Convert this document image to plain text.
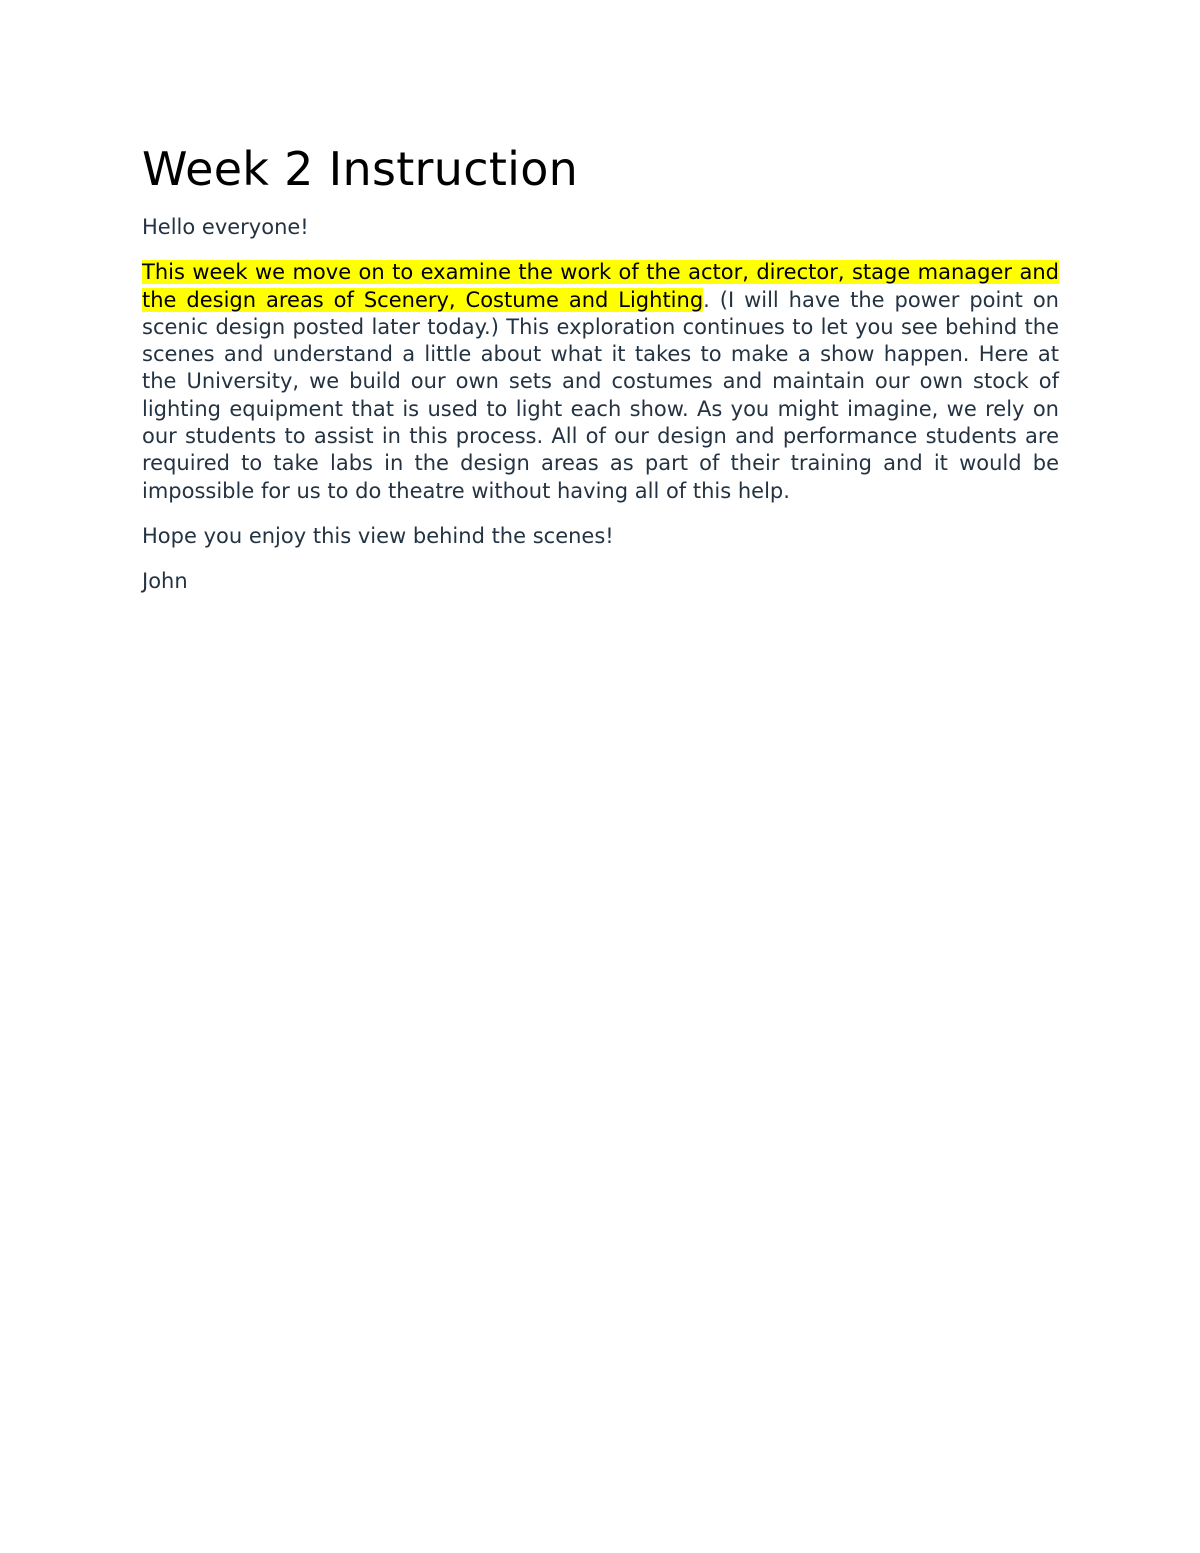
Week 2 Instruction

Hello everyone!

This week we move on to examine the work of the actor, director, stage manager and the design areas of Scenery, Costume and Lighting. (I will have the power point on scenic design posted later today.) This exploration continues to let you see behind the scenes and understand a little about what it takes to make a show happen. Here at the University, we build our own sets and costumes and maintain our own stock of lighting equipment that is used to light each show. As you might imagine, we rely on our students to assist in this process. All of our design and performance students are required to take labs in the design areas as part of their training and it would be impossible for us to do theatre without having all of this help.

Hope you enjoy this view behind the scenes!

John
